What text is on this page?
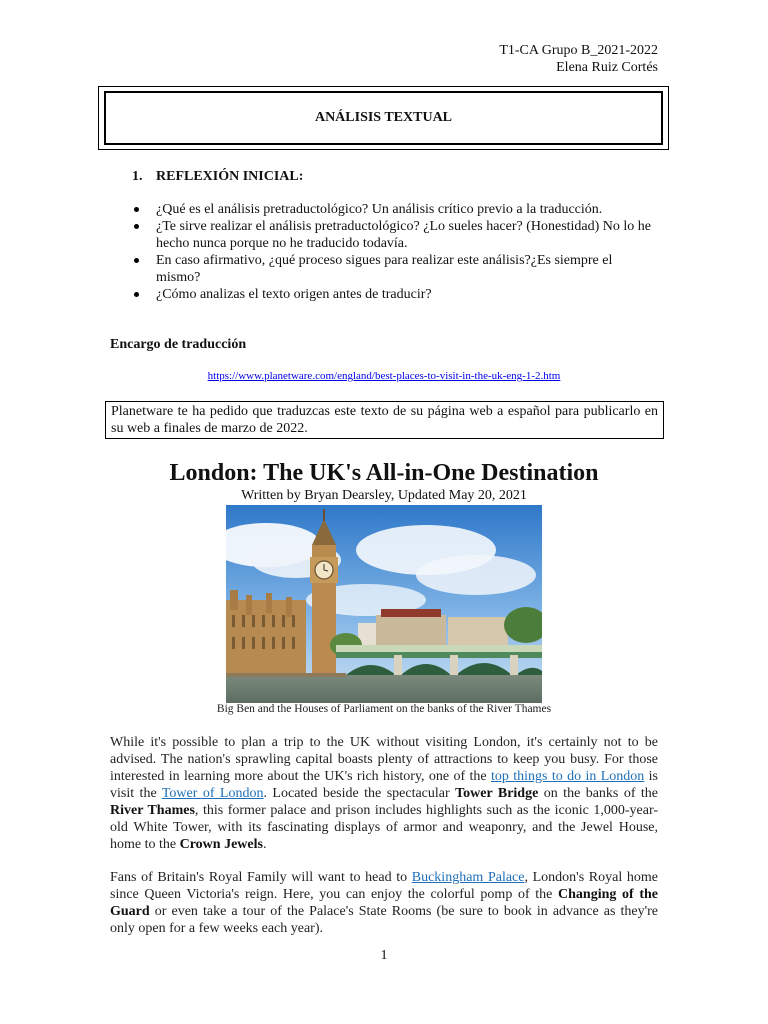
T1-CA Grupo B_2021-2022
Elena Ruiz Cortés
ANÁLISIS TEXTUAL
1. REFLEXIÓN INICIAL:
¿Qué es el análisis pretraductológico? Un análisis crítico previo a la traducción.
¿Te sirve realizar el análisis pretraductológico? ¿Lo sueles hacer? (Honestidad) No lo he hecho nunca porque no he traducido todavía.
En caso afirmativo, ¿qué proceso sigues para realizar este análisis?¿Es siempre el mismo?
¿Cómo analizas el texto origen antes de traducir?
Encargo de traducción
https://www.planetware.com/england/best-places-to-visit-in-the-uk-eng-1-2.htm
Planetware te ha pedido que traduzcas este texto de su página web a español para publicarlo en su web a finales de marzo de 2022.
London: The UK's All-in-One Destination
Written by Bryan Dearsley, Updated May 20, 2021
Big Ben and the Houses of Parliament on the banks of the River Thames
While it's possible to plan a trip to the UK without visiting London, it's certainly not to be advised. The nation's sprawling capital boasts plenty of attractions to keep you busy. For those interested in learning more about the UK's rich history, one of the top things to do in London is visit the Tower of London. Located beside the spectacular Tower Bridge on the banks of the River Thames, this former palace and prison includes highlights such as the iconic 1,000-year-old White Tower, with its fascinating displays of armor and weaponry, and the Jewel House, home to the Crown Jewels.
Fans of Britain's Royal Family will want to head to Buckingham Palace, London's Royal home since Queen Victoria's reign. Here, you can enjoy the colorful pomp of the Changing of the Guard or even take a tour of the Palace's State Rooms (be sure to book in advance as they're only open for a few weeks each year).
1
